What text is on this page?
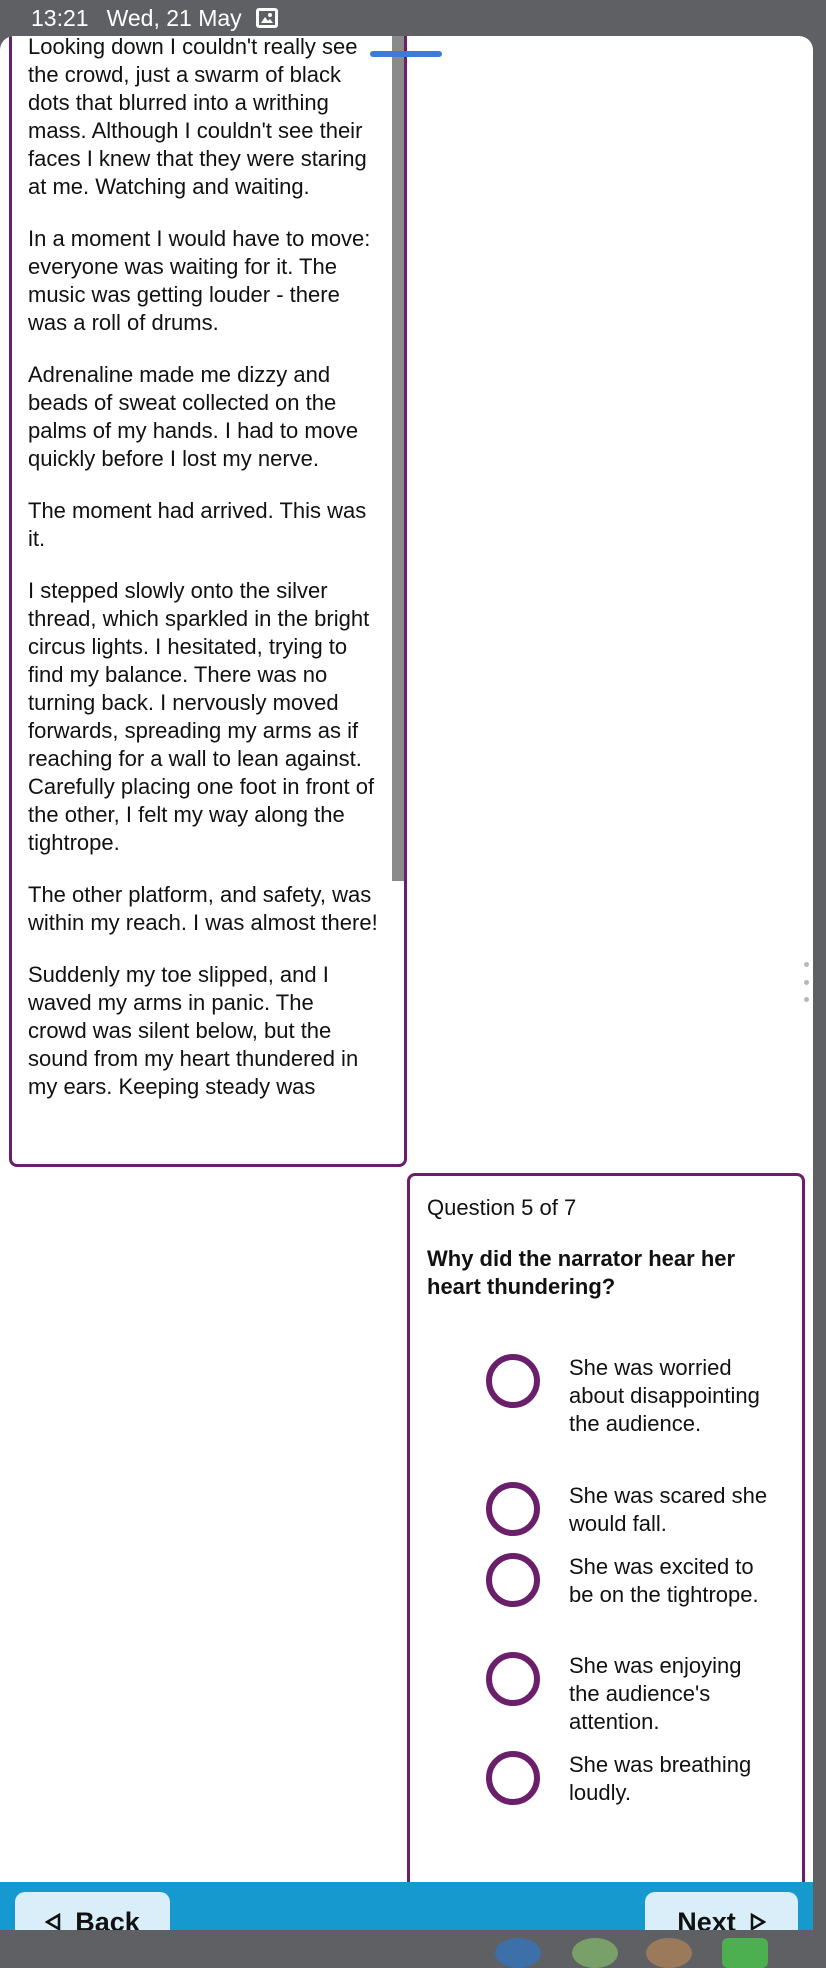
13:21 Wed, 21 May

Looking down I couldn't really see the crowd, just a swarm of black dots that blurred into a writhing mass. Although I couldn't see their faces I knew that they were staring at me. Watching and waiting.

In a moment I would have to move: everyone was waiting for it. The music was getting louder - there was a roll of drums.

Adrenaline made me dizzy and beads of sweat collected on the palms of my hands. I had to move quickly before I lost my nerve.

The moment had arrived. This was it.

I stepped slowly onto the silver thread, which sparkled in the bright circus lights. I hesitated, trying to find my balance. There was no turning back. I nervously moved forwards, spreading my arms as if reaching for a wall to lean against. Carefully placing one foot in front of the other, I felt my way along the tightrope.

The other platform, and safety, was within my reach. I was almost there!

Suddenly my toe slipped, and I waved my arms in panic. The crowd was silent below, but the sound from my heart thundered in my ears. Keeping steady was

Question 5 of 7
Why did the narrator hear her heart thundering?
She was worried about disappointing the audience.
She was scared she would fall.
She was excited to be on the tightrope.
She was enjoying the audience's attention.
She was breathing loudly.
Back	Next
